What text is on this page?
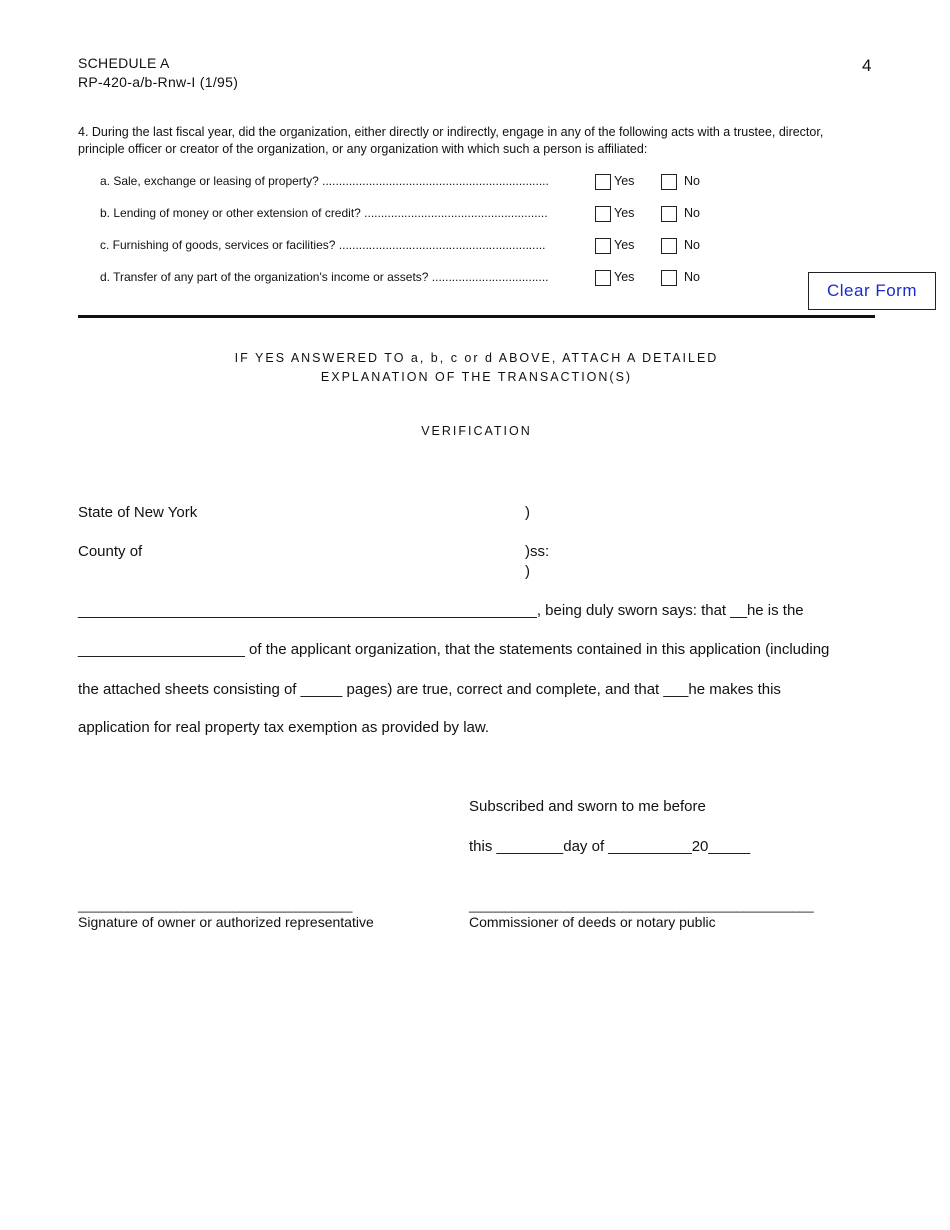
SCHEDULE A
RP-420-a/b-Rnw-I (1/95)
4
4. During the last fiscal year, did the organization, either directly or indirectly, engage in any of the following acts with a trustee, director, principle officer or creator of the organization, or any organization with which such a person is affiliated:
a. Sale, exchange or leasing of property? ....................................................................	Yes	No
b. Lending of money or other extension of credit? .......................................................	Yes	No
c. Furnishing of goods, services or facilities? ..............................................................	Yes	No
d. Transfer of any part of the organization's income or assets? ...................................	Yes	No
Clear Form
IF YES ANSWERED TO a, b, c or d ABOVE, ATTACH A DETAILED
EXPLANATION OF THE TRANSACTION(S)
VERIFICATION
State of New York	)
County of	)ss:
)
_______________________________________________________, being duly sworn says: that __he is the
____________________ of the applicant organization, that the statements contained in this application (including
the attached sheets consisting of _____ pages) are true, correct and complete, and that ___he makes this
application for real property tax exemption as provided by law.
Subscribed and sworn to me before
this ________day of __________20_____
_______________________________________
Signature of owner or authorized representative
_________________________________________________
Commissioner of deeds or notary public
